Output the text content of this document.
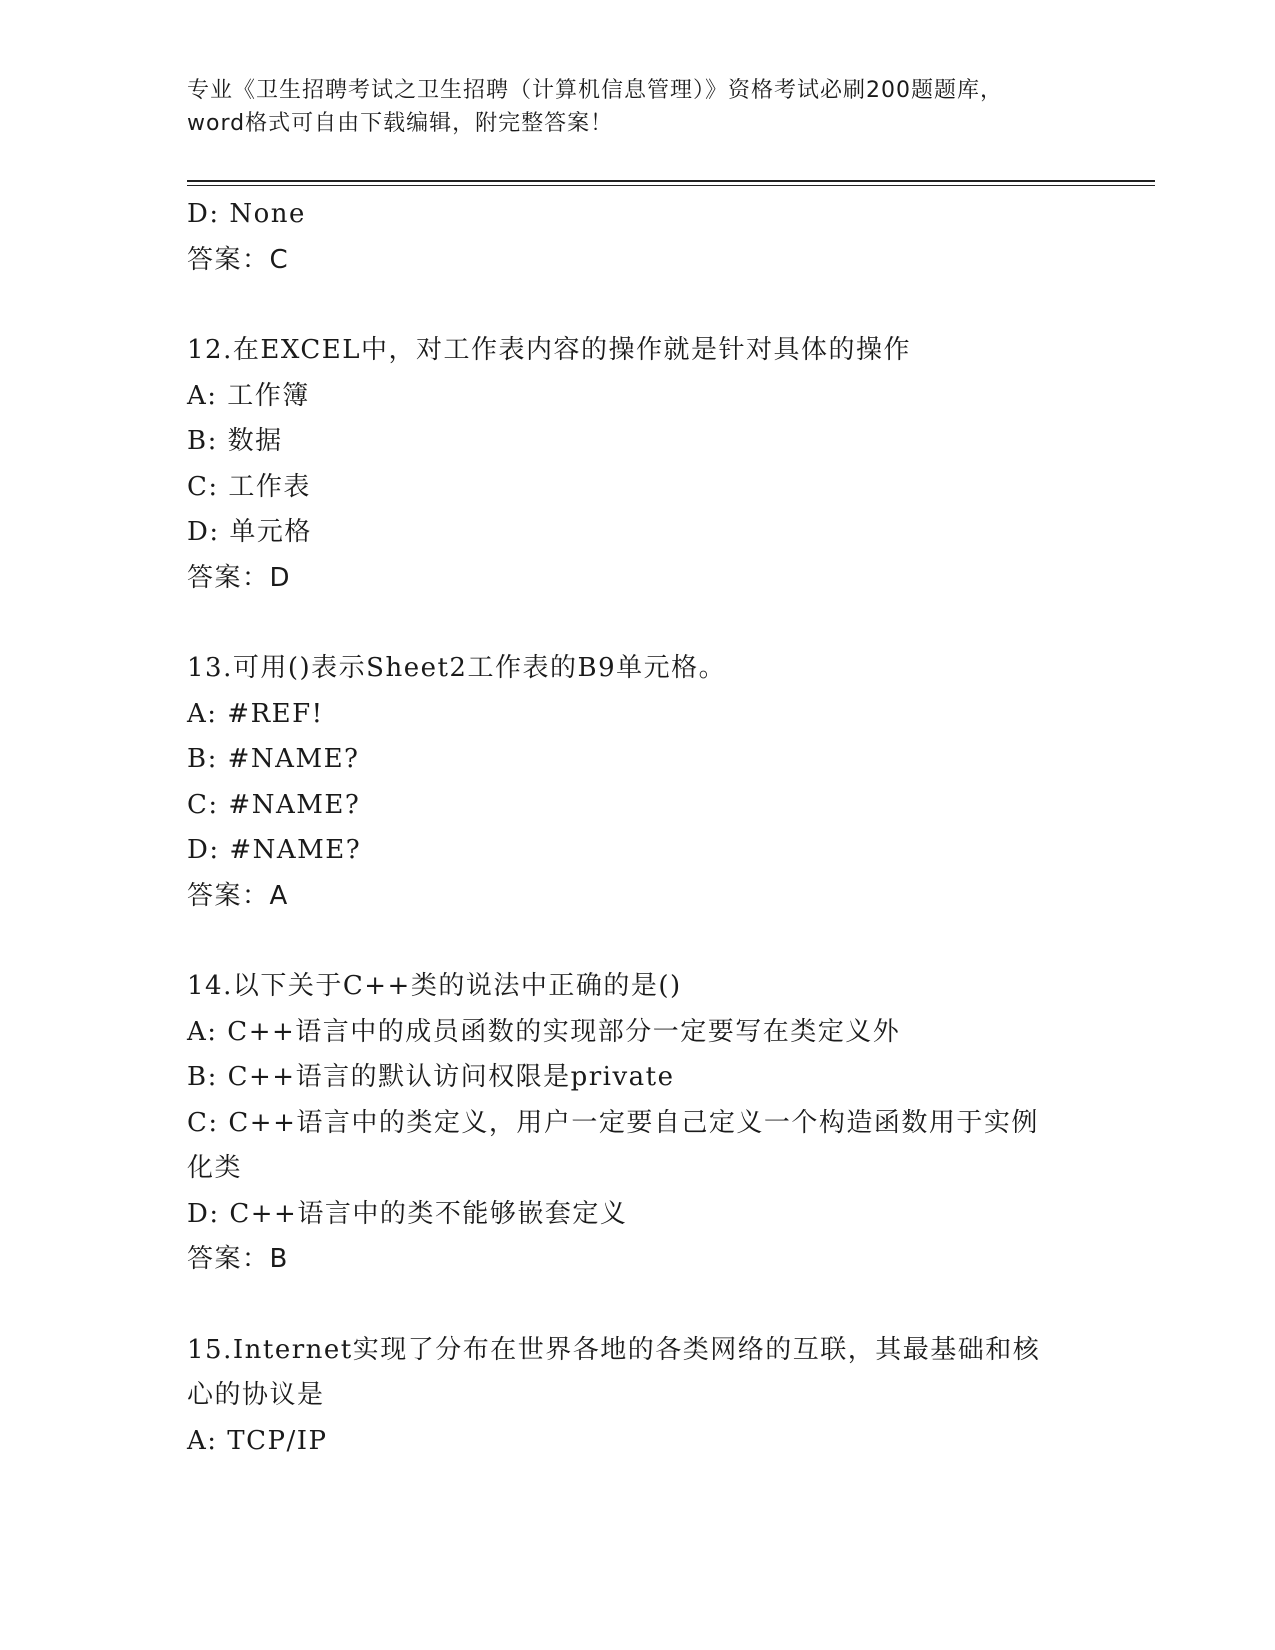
专业《卫生招聘考试之卫生招聘（计算机信息管理）》资格考试必刷200题题库，
word格式可自由下载编辑，附完整答案！
D: None
答案：C
12.在EXCEL中，对工作表内容的操作就是针对具体的操作
A: 工作簿
B: 数据
C: 工作表
D: 单元格
答案：D
13.可用()表示Sheet2工作表的B9单元格。
A: #REF!
B: #NAME?
C: #NAME?
D: #NAME?
答案：A
14.以下关于C++类的说法中正确的是()
A: C++语言中的成员函数的实现部分一定要写在类定义外
B: C++语言的默认访问权限是private
C: C++语言中的类定义，用户一定要自己定义一个构造函数用于实例化类
D: C++语言中的类不能够嵌套定义
答案：B
15.Internet实现了分布在世界各地的各类网络的互联，其最基础和核心的协议是
A: TCP/IP
